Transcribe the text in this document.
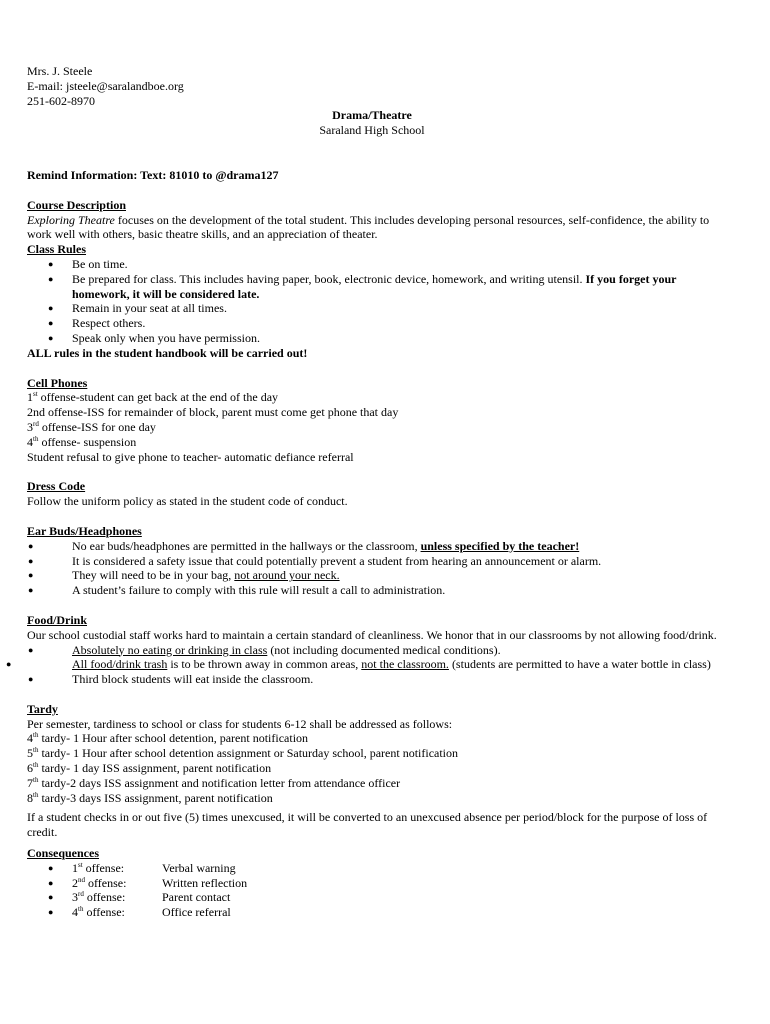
Mrs. J. Steele

E-mail: jsteele@saralandboe.org

251-602-8970

Drama/Theatre

Saraland High School

Remind Information: Text: 81010 to @drama127

Course Description

Exploring Theatre focuses on the development of the total student. This includes developing personal resources, self-confidence, the ability to work well with others, basic theatre skills, and an appreciation of theater.

Class Rules

● Be on time.
● Be prepared for class. This includes having paper, book, electronic device, homework, and writing utensil. If you forget your homework, it will be considered late.
● Remain in your seat at all times.
● Respect others.
● Speak only when you have permission.

ALL rules in the student handbook will be carried out!

Cell Phones

1st offense-student can get back at the end of the day

2nd offense-ISS for remainder of block, parent must come get phone that day

3rd offense-ISS for one day

4th offense- suspension

Student refusal to give phone to teacher- automatic defiance referral

Dress Code

Follow the uniform policy as stated in the student code of conduct.

Ear Buds/Headphones

● No ear buds/headphones are permitted in the hallways or the classroom, unless specified by the teacher!
● It is considered a safety issue that could potentially prevent a student from hearing an announcement or alarm.
● They will need to be in your bag, not around your neck.
● A student’s failure to comply with this rule will result a call to administration.

Food/Drink

Our school custodial staff works hard to maintain a certain standard of cleanliness. We honor that in our classrooms by not allowing food/drink.

● Absolutely no eating or drinking in class (not including documented medical conditions).
● All food/drink trash is to be thrown away in common areas, not the classroom. (students are permitted to have a water bottle in class)
● Third block students will eat inside the classroom.

Tardy

Per semester, tardiness to school or class for students 6-12 shall be addressed as follows:

4th tardy- 1 Hour after school detention, parent notification

5th tardy- 1 Hour after school detention assignment or Saturday school, parent notification

6th tardy- 1 day ISS assignment, parent notification

7th tardy-2 days ISS assignment and notification letter from attendance officer

8th tardy-3 days ISS assignment, parent notification

If a student checks in or out five (5) times unexcused, it will be converted to an unexcused absence per period/block for the purpose of loss of credit.

Consequences

● 1st offense:	Verbal warning
● 2nd offense:	Written reflection
● 3rd offense:	Parent contact
● 4th offense:	Office referral
